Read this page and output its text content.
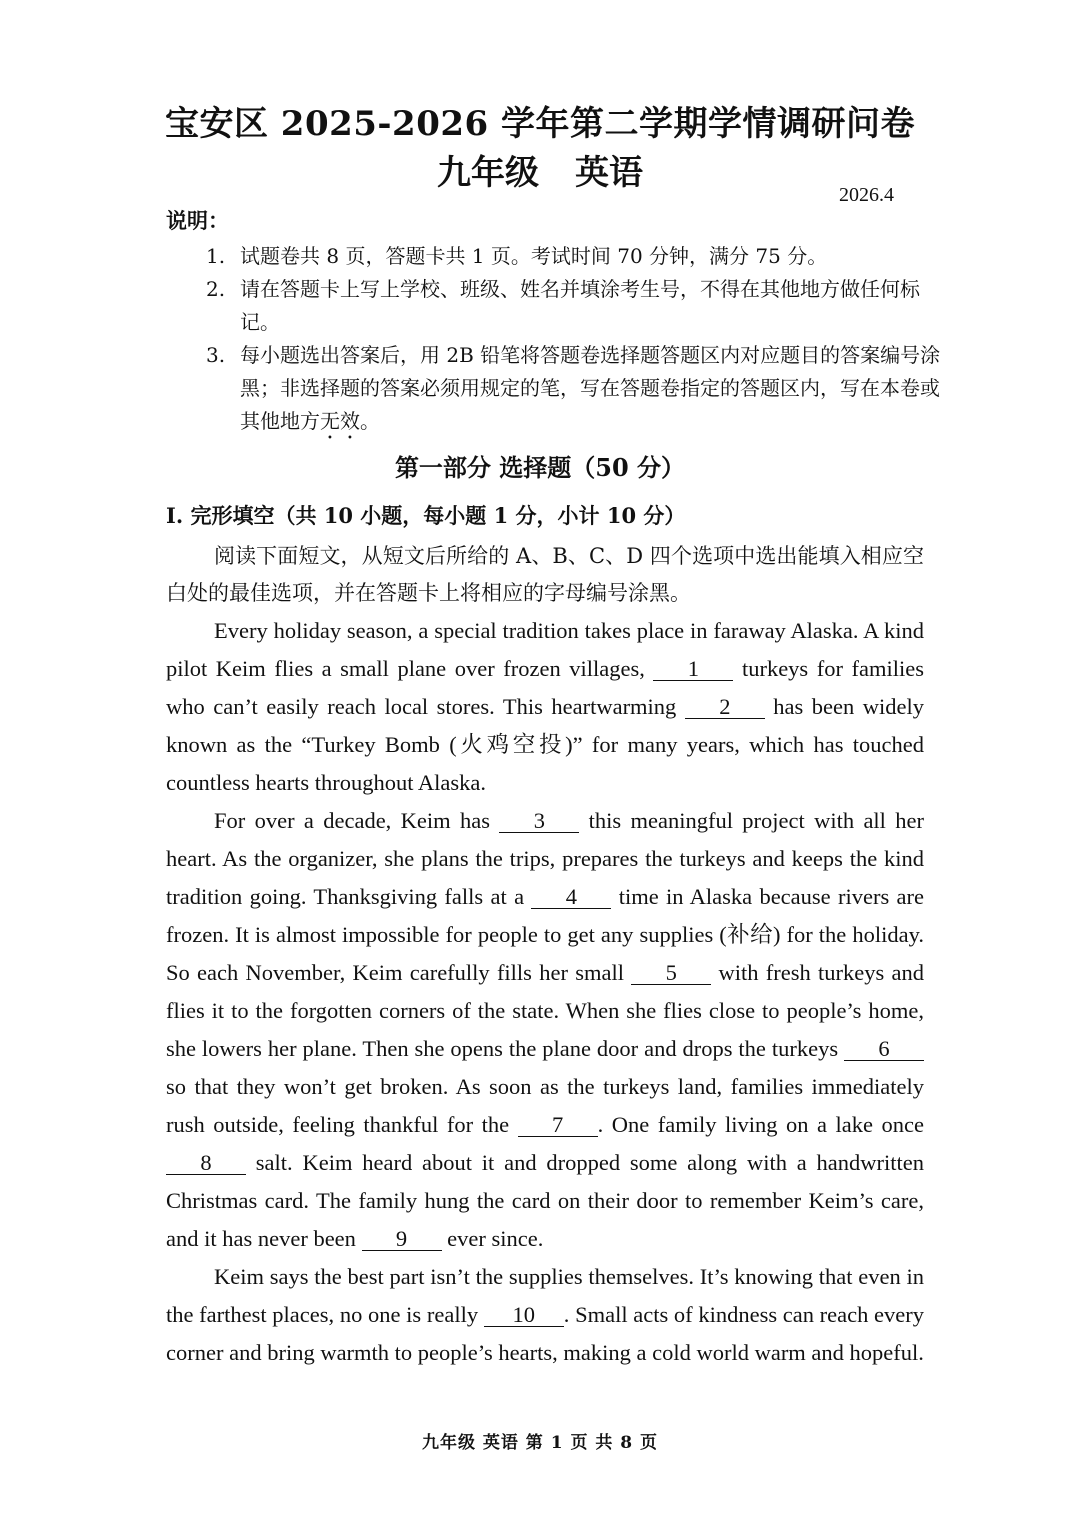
宝安区 2025-2026 学年第二学期学情调研问卷
九年级 英语
2026.4
说明：
1. 试题卷共 8 页，答题卡共 1 页。考试时间 70 分钟，满分 75 分。
2. 请在答题卡上写上学校、班级、姓名并填涂考生号，不得在其他地方做任何标记。
3. 每小题选出答案后，用 2B 铅笔将答题卷选择题答题区内对应题目的答案编号涂黑；非选择题的答案必须用规定的笔，写在答题卷指定的答题区内，写在本卷或其他地方无效。
第一部分 选择题（50 分）
I. 完形填空（共 10 小题，每小题 1 分，小计 10 分）
阅读下面短文，从短文后所给的 A、B、C、D 四个选项中选出能填入相应空白处的最佳选项，并在答题卡上将相应的字母编号涂黑。

Every holiday season, a special tradition takes place in faraway Alaska. A kind pilot Keim flies a small plane over frozen villages, 1 turkeys for families who can’t easily reach local stores. This heartwarming 2 has been widely known as the “Turkey Bomb (火鸡空投)” for many years, which has touched countless hearts throughout Alaska.

For over a decade, Keim has 3 this meaningful project with all her heart. As the organizer, she plans the trips, prepares the turkeys and keeps the kind tradition going. Thanksgiving falls at a 4 time in Alaska because rivers are frozen. It is almost impossible for people to get any supplies (补给) for the holiday. So each November, Keim carefully fills her small 5 with fresh turkeys and flies it to the forgotten corners of the state. When she flies close to people’s home, she lowers her plane. Then she opens the plane door and drops the turkeys 6 so that they won’t get broken. As soon as the turkeys land, families immediately rush outside, feeling thankful for the 7 . One family living on a lake once 8 salt. Keim heard about it and dropped some along with a handwritten Christmas card. The family hung the card on their door to remember Keim’s care, and it has never been 9 ever since.

Keim says the best part isn’t the supplies themselves. It’s knowing that even in the farthest places, no one is really 10 . Small acts of kindness can reach every corner and bring warmth to people’s hearts, making a cold world warm and hopeful.

九年级 英语 第 1 页 共 8 页
